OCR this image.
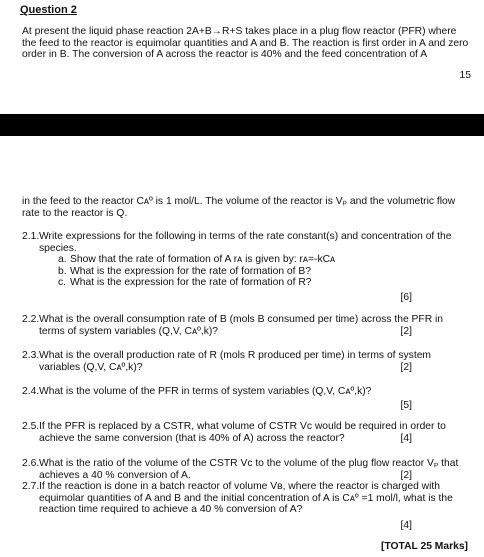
Question 2
At present the liquid phase reaction 2A+B→R+S takes place in a plug flow reactor (PFR) where the feed to the reactor is equimolar quantities and A and B. The reaction is first order in A and zero order in B. The conversion of A across the reactor is 40% and the feed concentration of A
15
in the feed to the reactor Cᴀº is 1 mol/L. The volume of the reactor is Vₚ and the volumetric flow rate to the reactor is Q.
2.1. Write expressions for the following in terms of the rate constant(s) and concentration of the species.
a. Show that the rate of formation of A rᴀ is given by: rᴀ=-kCᴀ
b. What is the expression for the rate of formation of B?
c. What is the expression for the rate of formation of R?
[6]
2.2. What is the overall consumption rate of B (mols B consumed per time) across the PFR in terms of system variables (Q,V, Cᴀº,k)?	[2]
2.3. What is the overall production rate of R (mols R produced per time) in terms of system variables (Q,V, Cᴀº,k)?	[2]
2.4. What is the volume of the PFR in terms of system variables (Q,V, Cᴀº,k)?
[5]
2.5. If the PFR is replaced by a CSTR, what volume of CSTR Vc would be required in order to achieve the same conversion (that is 40% of A) across the reactor?	[4]
2.6. What is the ratio of the volume of the CSTR Vc to the volume of the plug flow reactor Vₚ that achieves a 40 % conversion of A.	[2]
2.7. If the reaction is done in a batch reactor of volume Vʙ, where the reactor is charged with equimolar quantities of A and B and the initial concentration of A is Cᴀº =1 mol/l, what is the reaction time required to achieve a 40 % conversion of A?
[4]
[TOTAL 25 Marks]
